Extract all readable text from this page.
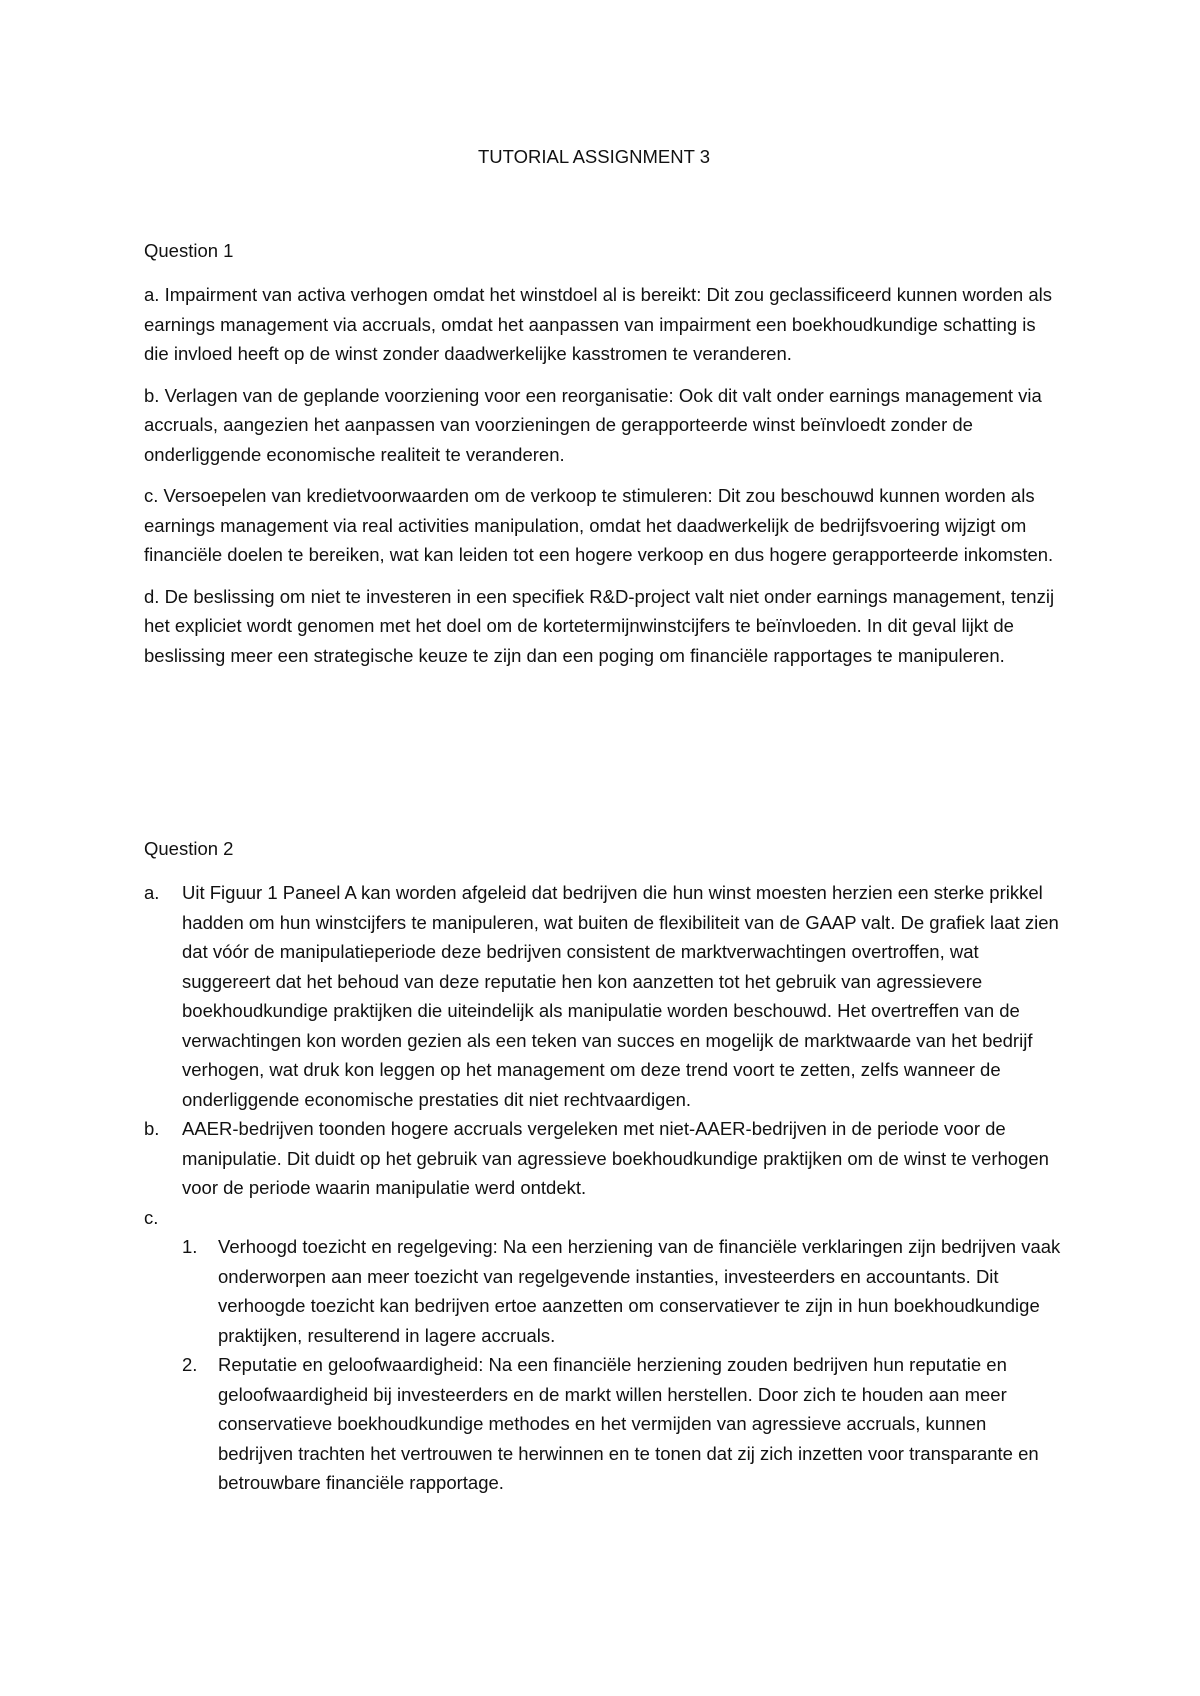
TUTORIAL ASSIGNMENT 3
Question 1

a. Impairment van activa verhogen omdat het winstdoel al is bereikt: Dit zou geclassificeerd kunnen worden als earnings management via accruals, omdat het aanpassen van impairment een boekhoudkundige schatting is die invloed heeft op de winst zonder daadwerkelijke kasstromen te veranderen.

b. Verlagen van de geplande voorziening voor een reorganisatie: Ook dit valt onder earnings management via accruals, aangezien het aanpassen van voorzieningen de gerapporteerde winst beïnvloedt zonder de onderliggende economische realiteit te veranderen.

c. Versoepelen van kredietvoorwaarden om de verkoop te stimuleren: Dit zou beschouwd kunnen worden als earnings management via real activities manipulation, omdat het daadwerkelijk de bedrijfsvoering wijzigt om financiële doelen te bereiken, wat kan leiden tot een hogere verkoop en dus hogere gerapporteerde inkomsten.

d. De beslissing om niet te investeren in een specifiek R&D-project valt niet onder earnings management, tenzij het expliciet wordt genomen met het doel om de kortetermijnwinstcijfers te beïnvloeden. In dit geval lijkt de beslissing meer een strategische keuze te zijn dan een poging om financiële rapportages te manipuleren.

Question 2
a. Uit Figuur 1 Paneel A kan worden afgeleid dat bedrijven die hun winst moesten herzien een sterke prikkel hadden om hun winstcijfers te manipuleren, wat buiten de flexibiliteit van de GAAP valt. De grafiek laat zien dat vóór de manipulatieperiode deze bedrijven consistent de marktverwachtingen overtroffen, wat suggereert dat het behoud van deze reputatie hen kon aanzetten tot het gebruik van agressievere boekhoudkundige praktijken die uiteindelijk als manipulatie worden beschouwd. Het overtreffen van de verwachtingen kon worden gezien als een teken van succes en mogelijk de marktwaarde van het bedrijf verhogen, wat druk kon leggen op het management om deze trend voort te zetten, zelfs wanneer de onderliggende economische prestaties dit niet rechtvaardigen.
b. AAER-bedrijven toonden hogere accruals vergeleken met niet-AAER-bedrijven in de periode voor de manipulatie. Dit duidt op het gebruik van agressieve boekhoudkundige praktijken om de winst te verhogen voor de periode waarin manipulatie werd ontdekt.
c.

1. Verhoogd toezicht en regelgeving: Na een herziening van de financiële verklaringen zijn bedrijven vaak onderworpen aan meer toezicht van regelgevende instanties, investeerders en accountants. Dit verhoogde toezicht kan bedrijven ertoe aanzetten om conservatiever te zijn in hun boekhoudkundige praktijken, resulterend in lagere accruals.
2. Reputatie en geloofwaardigheid: Na een financiële herziening zouden bedrijven hun reputatie en geloofwaardigheid bij investeerders en de markt willen herstellen. Door zich te houden aan meer conservatieve boekhoudkundige methodes en het vermijden van agressieve accruals, kunnen bedrijven trachten het vertrouwen te herwinnen en te tonen dat zij zich inzetten voor transparante en betrouwbare financiële rapportage.
